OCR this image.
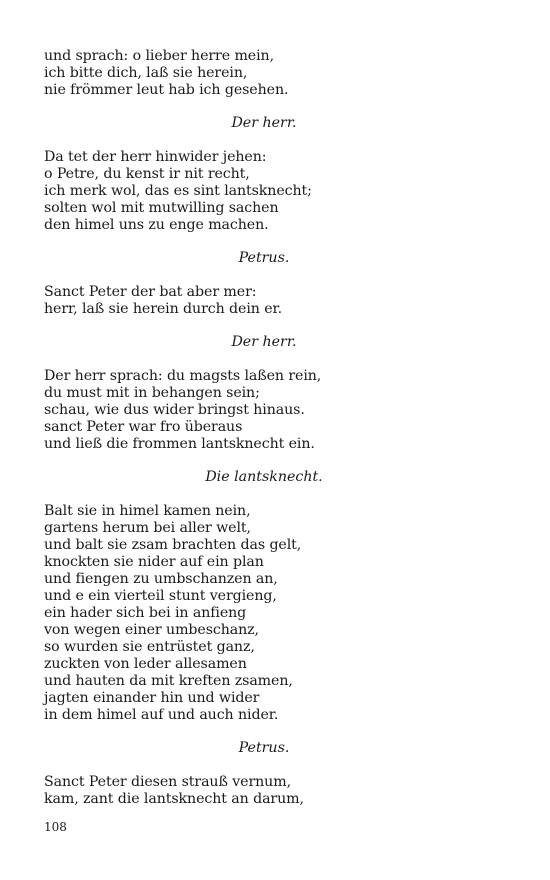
und sprach: o lieber herre mein,
ich bitte dich, laß sie herein,
nie frömmer leut hab ich gesehen.
Der herr.
Da tet der herr hinwider jehen:
o Petre, du kenst ir nit recht,
ich merk wol, das es sint lantsknecht;
solten wol mit mutwilling sachen
den himel uns zu enge machen.
Petrus.
Sanct Peter der bat aber mer:
herr, laß sie herein durch dein er.
Der herr.
Der herr sprach: du magsts laßen rein,
du must mit in behangen sein;
schau, wie dus wider bringst hinaus.
sanct Peter war fro überaus
und ließ die frommen lantsknecht ein.
Die lantsknecht.
Balt sie in himel kamen nein,
gartens herum bei aller welt,
und balt sie zsam brachten das gelt,
knockten sie nider auf ein plan
und fiengen zu umbschanzen an,
und e ein vierteil stunt vergieng,
ein hader sich bei in anfieng
von wegen einer umbeschanz,
so wurden sie entrüstet ganz,
zuckten von leder allesamen
und hauten da mit kreften zsamen,
jagten einander hin und wider
in dem himel auf und auch nider.
Petrus.
Sanct Peter diesen strauß vernum,
kam, zant die lantsknecht an darum,
108
